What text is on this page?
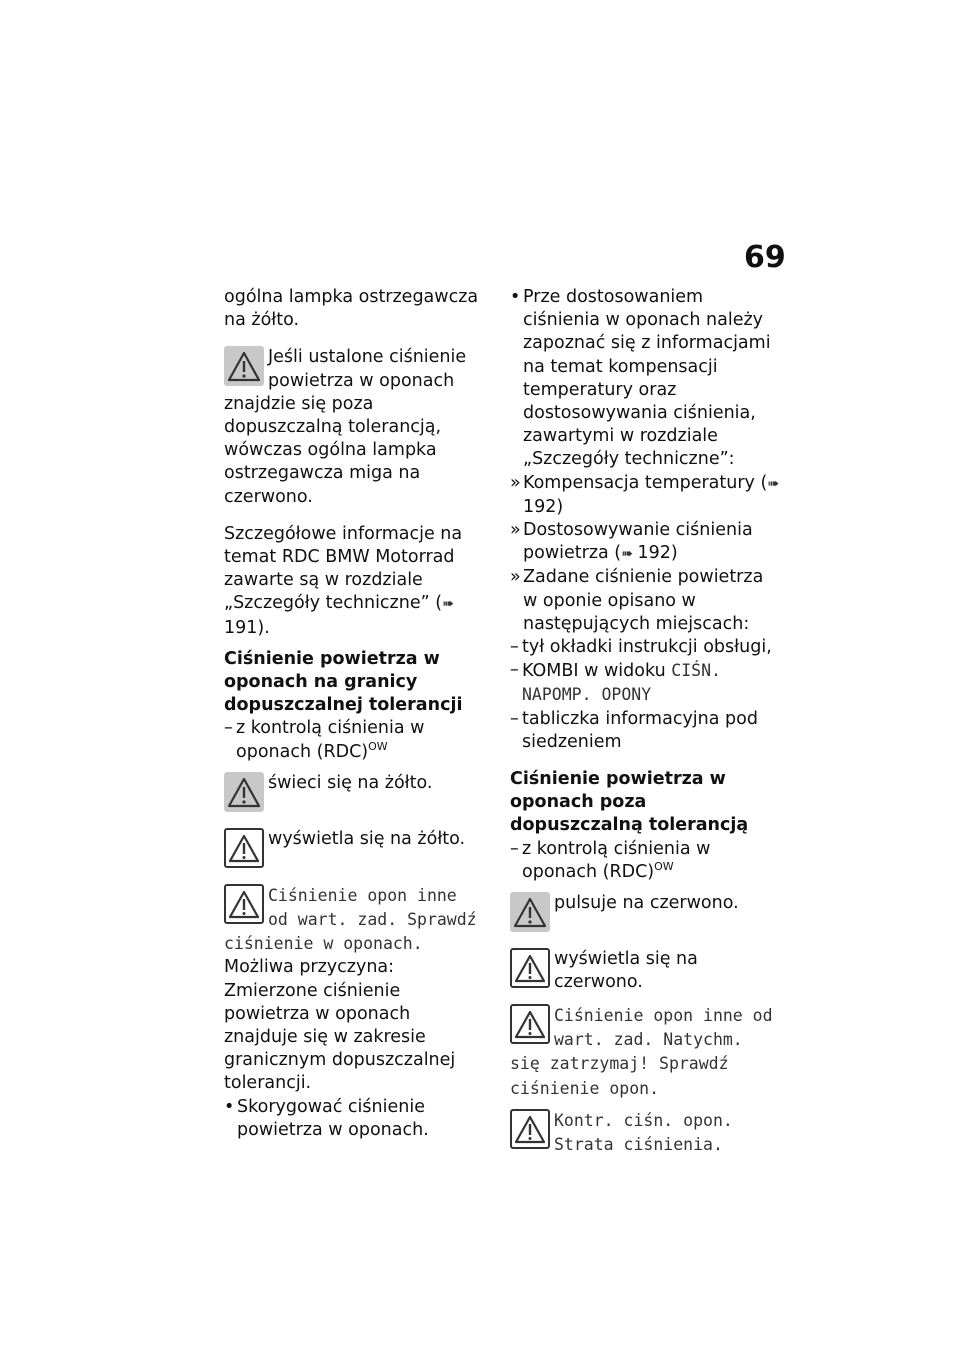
69

ogólna lampka ostrzegawcza na żółto.

Jeśli ustalone ciśnienie powietrza w oponach znajdzie się poza dopuszczalną tolerancją, wówczas ogólna lampka ostrzegawcza miga na czerwono.

Szczegółowe informacje na temat RDC BMW Motorrad zawarte są w rozdziale „Szczegóły techniczne” (➠ 191).

Ciśnienie powietrza w oponach na granicy dopuszczalnej tolerancji

– z kontrolą ciśnienia w oponach (RDC)$^{OW}$
świeci się na żółto.
wyświetla się na żółto.
Ciśnienie opon inne od wart. zad. Sprawdź ciśnienie w oponach.

Możliwa przyczyna:

Zmierzone ciśnienie powietrza w oponach znajduje się w zakresie granicznym dopuszczalnej tolerancji.

• Skorygować ciśnienie powietrza w oponach.
• Prze dostosowaniem ciśnienia w oponach należy zapoznać się z informacjami na temat kompensacji temperatury oraz dostosowywania ciśnienia, zawartymi w rozdziale „Szczegóły techniczne”:
» Kompensacja temperatury (➠ 192)
» Dostosowywanie ciśnienia powietrza (➠ 192)
» Zadane ciśnienie powietrza w oponie opisano w następujących miejscach:
– tył okładki instrukcji obsługi,
– KOMBI w widoku CIŚN. NAPOMP. OPONY
– tabliczka informacyjna pod siedzeniem

Ciśnienie powietrza w oponach poza dopuszczalną tolerancją

– z kontrolą ciśnienia w oponach (RDC)$^{OW}$
pulsuje na czerwono.
wyświetla się na czerwono.
Ciśnienie opon inne od wart. zad. Natychm. się zatrzymaj! Sprawdź ciśnienie opon.
Kontr. ciśn. opon. Strata ciśnienia.
